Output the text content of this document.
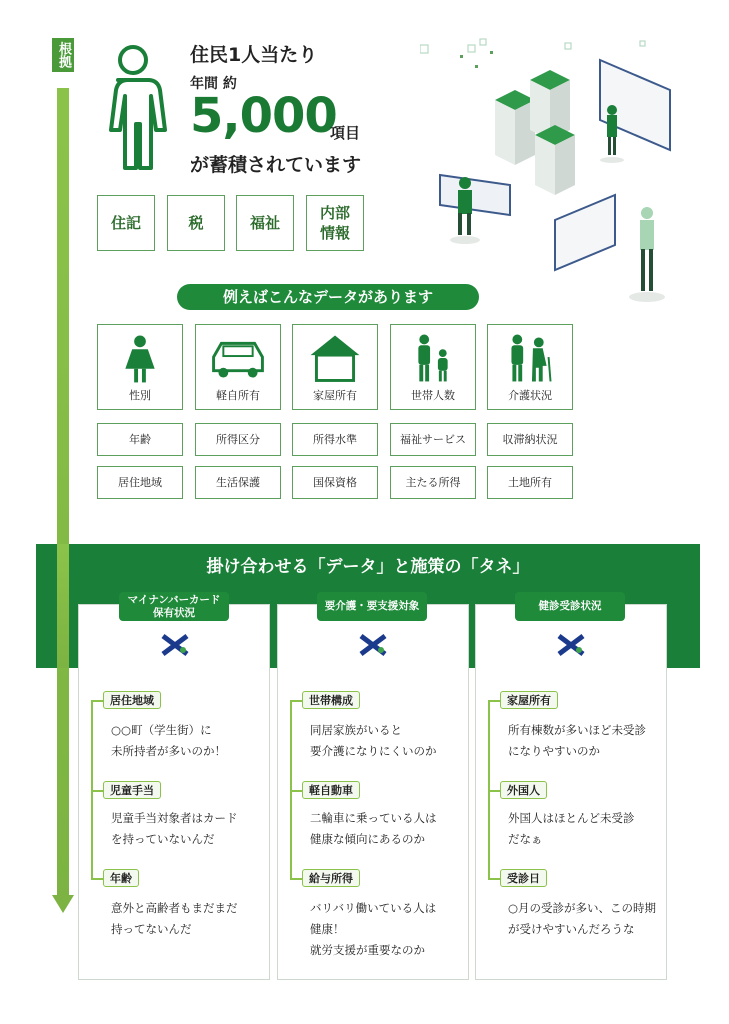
根拠	住民1人当たり
年間 約
5,000
項目
が蓄積されています
住記	税	福祉
内部
情報
例えばこんなデータがあります
性別	軽自所有	家屋所有	世帯人数	介護状況
年齢	所得区分	所得水準	福祉サービス	収滞納状況
居住地域	生活保護	国保資格	主たる所得	土地所有
掛け合わせる「データ」と施策の「タネ」
マイナンバーカード
保有状況
要介護・要支援対象	健診受診状況
居住地域
○○町（学生街）に
未所持者が多いのか！
児童手当
児童手当対象者はカード
を持っていないんだ
年齢
意外と高齢者もまだまだ
持ってないんだ
世帯構成
同居家族がいると
要介護になりにくいのか
軽自動車
二輪車に乗っている人は
健康な傾向にあるのか
給与所得
バリバリ働いている人は
健康！
就労支援が重要なのか
家屋所有
所有棟数が多いほど未受診
になりやすいのか
外国人
外国人はほとんど未受診
だなぁ
受診日
○月の受診が多い、この時期
が受けやすいんだろうな
